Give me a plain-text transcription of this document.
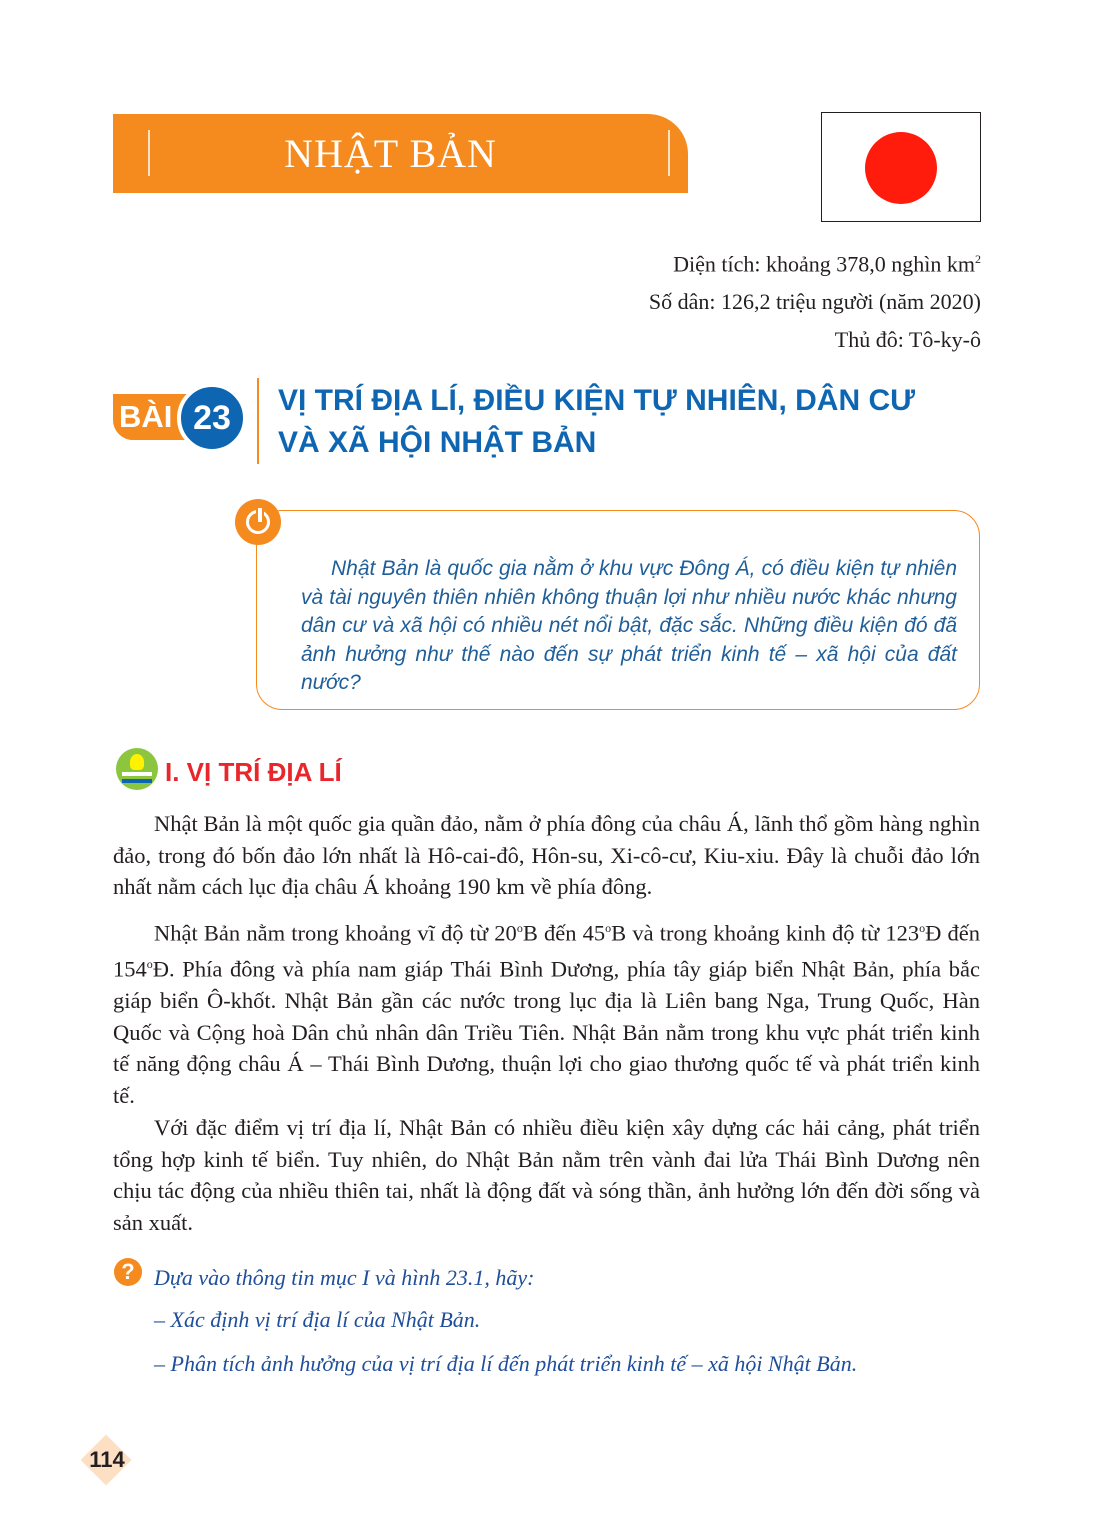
NHẬT BẢN
Diện tích: khoảng 378,0 nghìn $km^2$
Số dân: 126,2 triệu người (năm 2020)
Thủ đô: Tô-ky-ô
BÀI 23	VỊ TRÍ ĐỊA LÍ, ĐIỀU KIỆN TỰ NHIÊN, DÂN CƯ
VÀ XÃ HỘI NHẬT BẢN
Nhật Bản là quốc gia nằm ở khu vực Đông Á, có điều kiện tự nhiên và tài nguyên thiên nhiên không thuận lợi như nhiều nước khác nhưng dân cư và xã hội có nhiều nét nổi bật, đặc sắc. Những điều kiện đó đã ảnh hưởng như thế nào đến sự phát triển kinh tế – xã hội của đất nước?
I. VỊ TRÍ ĐỊA LÍ

Nhật Bản là một quốc gia quần đảo, nằm ở phía đông của châu Á, lãnh thổ gồm hàng nghìn đảo, trong đó bốn đảo lớn nhất là Hô-cai-đô, Hôn-su, Xi-cô-cư, Kiu-xiu. Đây là chuỗi đảo lớn nhất nằm cách lục địa châu Á khoảng 190 km về phía đông.

Nhật Bản nằm trong khoảng vĩ độ từ 20$^o$B đến 45$^o$B và trong khoảng kinh độ từ 123$^o$Đ đến 154$^o$Đ. Phía đông và phía nam giáp Thái Bình Dương, phía tây giáp biển Nhật Bản, phía bắc giáp biển Ô-khốt. Nhật Bản gần các nước trong lục địa là Liên bang Nga, Trung Quốc, Hàn Quốc và Cộng hoà Dân chủ nhân dân Triều Tiên. Nhật Bản nằm trong khu vực phát triển kinh tế năng động châu Á – Thái Bình Dương, thuận lợi cho giao thương quốc tế và phát triển kinh tế.

Với đặc điểm vị trí địa lí, Nhật Bản có nhiều điều kiện xây dựng các hải cảng, phát triển tổng hợp kinh tế biển. Tuy nhiên, do Nhật Bản nằm trên vành đai lửa Thái Bình Dương nên chịu tác động của nhiều thiên tai, nhất là động đất và sóng thần, ảnh hưởng lớn đến đời sống và sản xuất.

? Dựa vào thông tin mục I và hình 23.1, hãy:
– Xác định vị trí địa lí của Nhật Bản.
– Phân tích ảnh hưởng của vị trí địa lí đến phát triển kinh tế – xã hội Nhật Bản.
114
